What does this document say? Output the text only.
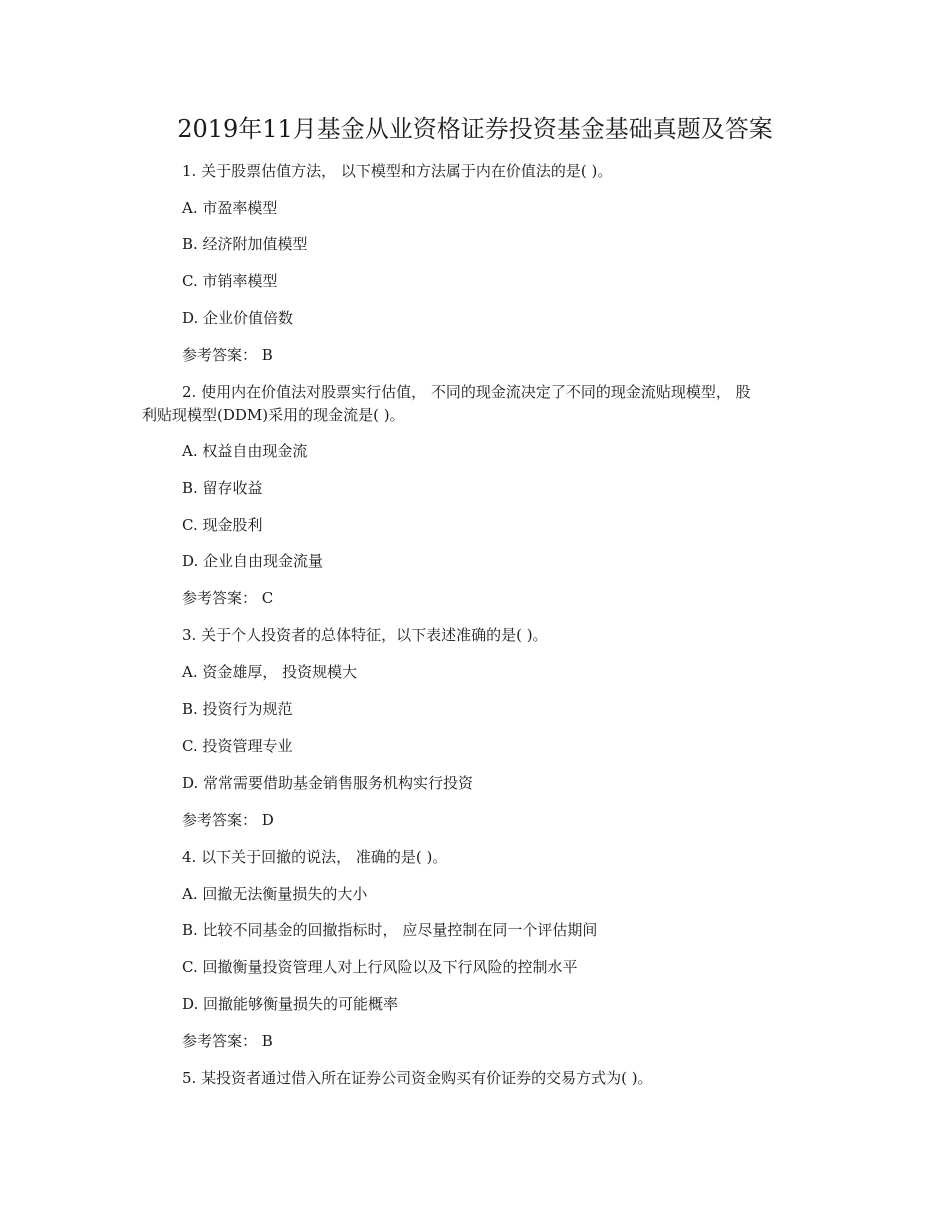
2019年11月基金从业资格证券投资基金基础真题及答案
1. 关于股票估值方法， 以下模型和方法属于内在价值法的是( )。
A. 市盈率模型
B. 经济附加值模型
C. 市销率模型
D. 企业价值倍数
参考答案： B
2. 使用内在价值法对股票实行估值， 不同的现金流决定了不同的现金流贴现模型， 股
利贴现模型(DDM)采用的现金流是( )。
A. 权益自由现金流
B. 留存收益
C. 现金股利
D. 企业自由现金流量
参考答案： C
3. 关于个人投资者的总体特征，以下表述准确的是( )。
A. 资金雄厚， 投资规模大
B. 投资行为规范
C. 投资管理专业
D. 常常需要借助基金销售服务机构实行投资
参考答案： D
4. 以下关于回撤的说法， 准确的是( )。
A. 回撤无法衡量损失的大小
B. 比较不同基金的回撤指标时， 应尽量控制在同一个评估期间
C. 回撤衡量投资管理人对上行风险以及下行风险的控制水平
D. 回撤能够衡量损失的可能概率
参考答案： B
5. 某投资者通过借入所在证券公司资金购买有价证券的交易方式为( )。
